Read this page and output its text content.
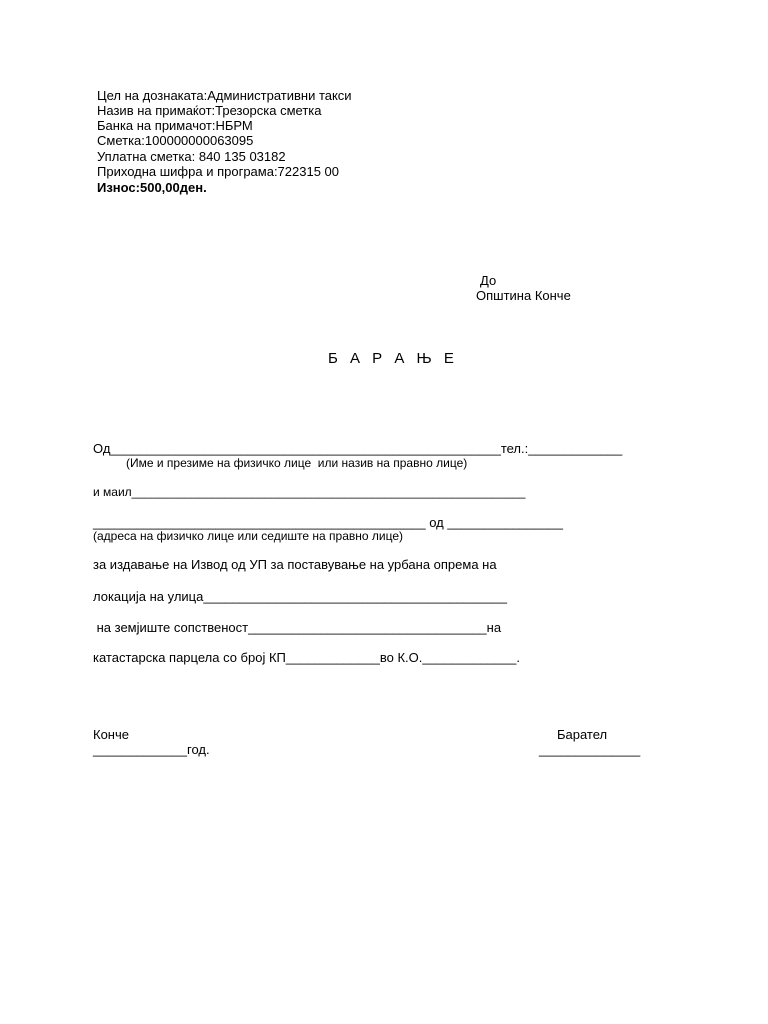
Цел на дознаката:Административни такси
Назив на примаќот:Трезорска сметка
Банка на примачот:НБРМ
Сметка:100000000063095
Уплатна сметка: 840 135 03182
Приходна шифра и програма:722315 00
Износ:500,00ден.
До
Општина Конче
Б А Р А Њ Е
Од______________________________________________________тел.:_____________
(Име и презиме на физичко лице  или назив на правно лице)
и маил___________________________________________________________
______________________________________________ од ________________
(адреса на физичко лице или седиште на правно лице)
за издавање на Извод од УП за поставување на урбана опрема на
локација на улица__________________________________________
на земјиште сопственост_________________________________на
катастарска парцела со број КП_____________во К.О._____________.
Конче
_____________год.
Барател
______________
